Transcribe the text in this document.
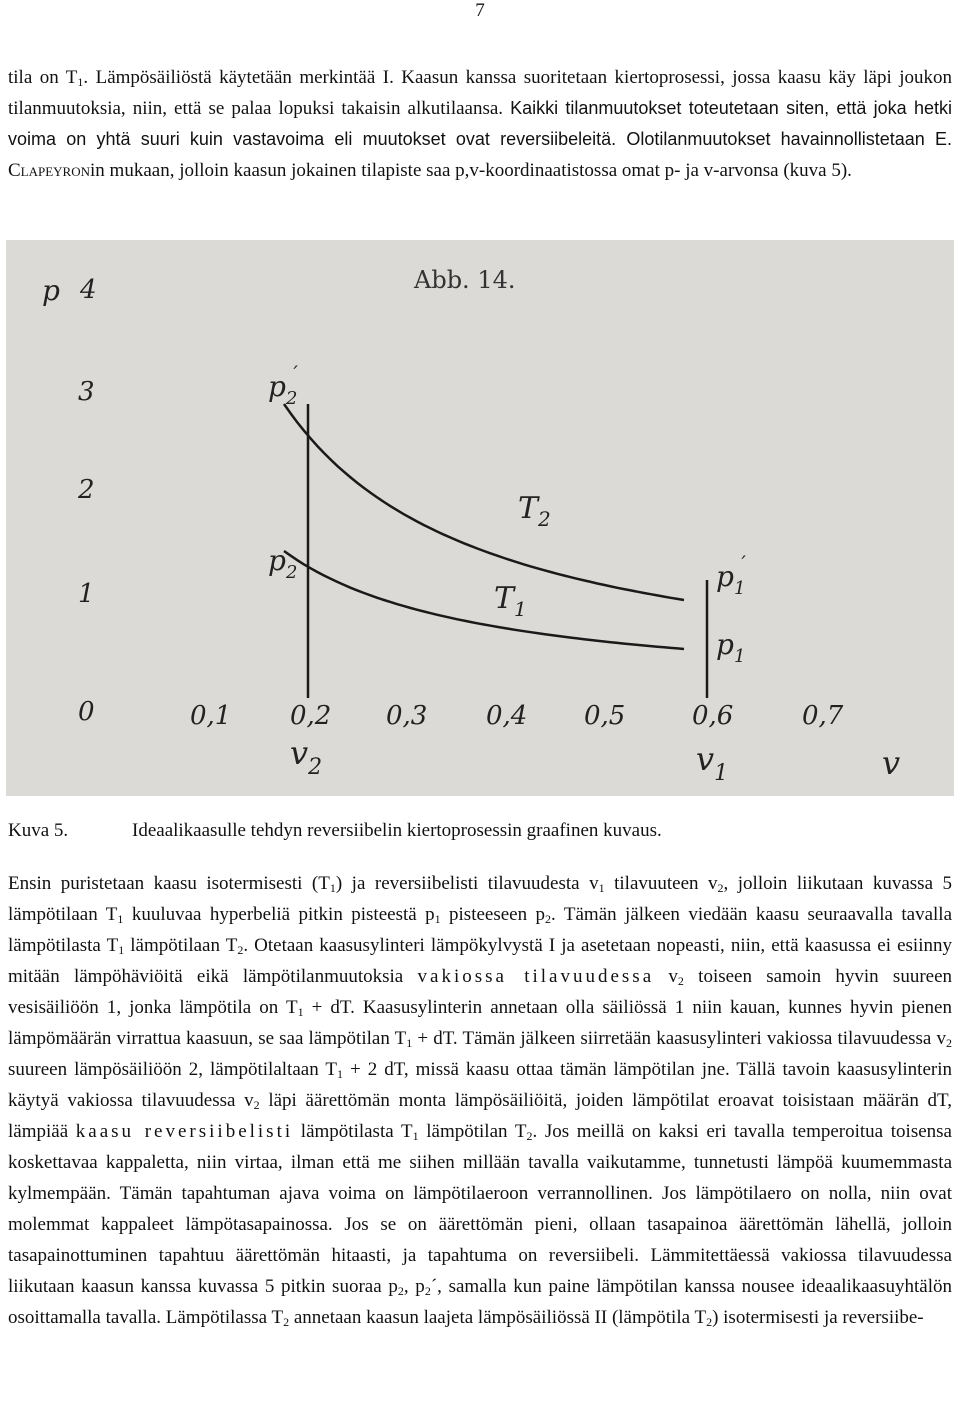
7
tila on $T_1$. Lämpösäiliöstä käytetään merkintää I. Kaasun kanssa suoritetaan kiertoprosessi, jossa kaasu käy läpi joukon tilanmuutoksia, niin, että se palaa lopuksi takaisin alkutilaansa. Kaikki tilanmuutokset toteutetaan siten, että joka hetki voima on yhtä suuri kuin vastavoima eli muutokset ovat reversiibeleitä. Olotilanmuutokset havainnollistetaan E. Clapeyronin mukaan, jolloin kaasun jokainen tilapiste saa p,v-koordinaatistossa omat p- ja v-arvonsa (kuva 5).
Abb. 14.
p 4
3
2
1
0	0,1 0,2 0,3 0,4 0,5	0,6	0,7
$p_2'$
$p_2$	$p_1'$
$p_1$
$T_2$
$T_1$
$v_2$	$v_1$	v
Kuva 5.	Ideaalikaasulle tehdyn reversiibelin kiertoprosessin graafinen kuvaus.
Ensin puristetaan kaasu isotermisesti $(T_1)$ ja reversiibelisti tilavuudesta $v_1$ tilavuuteen $v_2$, jolloin liikutaan kuvassa 5 lämpötilaan $T_1$ kuuluvaa hyperbeliä pitkin pisteestä $p_1$ pisteeseen $p_2$. Tämän jälkeen viedään kaasu seuraavalla tavalla lämpötilasta $T_1$ lämpötilaan $T_2$. Otetaan kaasusylinteri lämpökylvystä I ja asetetaan nopeasti, niin, että kaasussa ei esiinny mitään lämpöhäviöitä eikä lämpötilanmuutoksia vakiossa tilavuudessa $v_2$ toiseen samoin hyvin suureen vesisäiliöön 1, jonka lämpötila on $T_1$ + dT. Kaasusylinterin annetaan olla säiliössä 1 niin kauan, kunnes hyvin pienen lämpömäärän virrattua kaasuun, se saa lämpötilan $T_1$ + dT. Tämän jälkeen siirretään kaasusylinteri vakiossa tilavuudessa $v_2$ suureen lämpösäiliöön 2, lämpötilaltaan $T_1 + 2$ dT, missä kaasu ottaa tämän lämpötilan jne. Tällä tavoin kaasusylinterin käytyä vakiossa tilavuudessa $v_2$ läpi äärettömän monta lämpösäiliöitä, joiden lämpötilat eroavat toisistaan määrän dT, lämpiää kaasu reversiibelisti lämpötilasta $T_1$ lämpötilan $T_2$. Jos meillä on kaksi eri tavalla temperoitua toisensa koskettavaa kappaletta, niin virtaa, ilman että me siihen millään tavalla vaikutamme, tunnetusti lämpöä kuumemmasta kylmempään. Tämän tapahtuman ajava voima on lämpötilaeroon verrannollinen. Jos lämpötilaero on nolla, niin ovat molemmat kappaleet lämpötasapainossa. Jos se on äärettömän pieni, ollaan tasapainoa äärettömän lähellä, jolloin tasapainottuminen tapahtuu äärettömän hitaasti, ja tapahtuma on reversiibeli. Lämmitettäessä vakiossa tilavuudessa liikutaan kaasun kanssa kuvassa 5 pitkin suoraa $p_2$, $p_2´$, samalla kun paine lämpötilan kanssa nousee ideaalikaasuyhtälön osoittamalla tavalla. Lämpötilassa $T_2$ annetaan kaasun laajeta lämpösäiliössä II (lämpötila $T_2$) isotermisesti ja reversiibe-
